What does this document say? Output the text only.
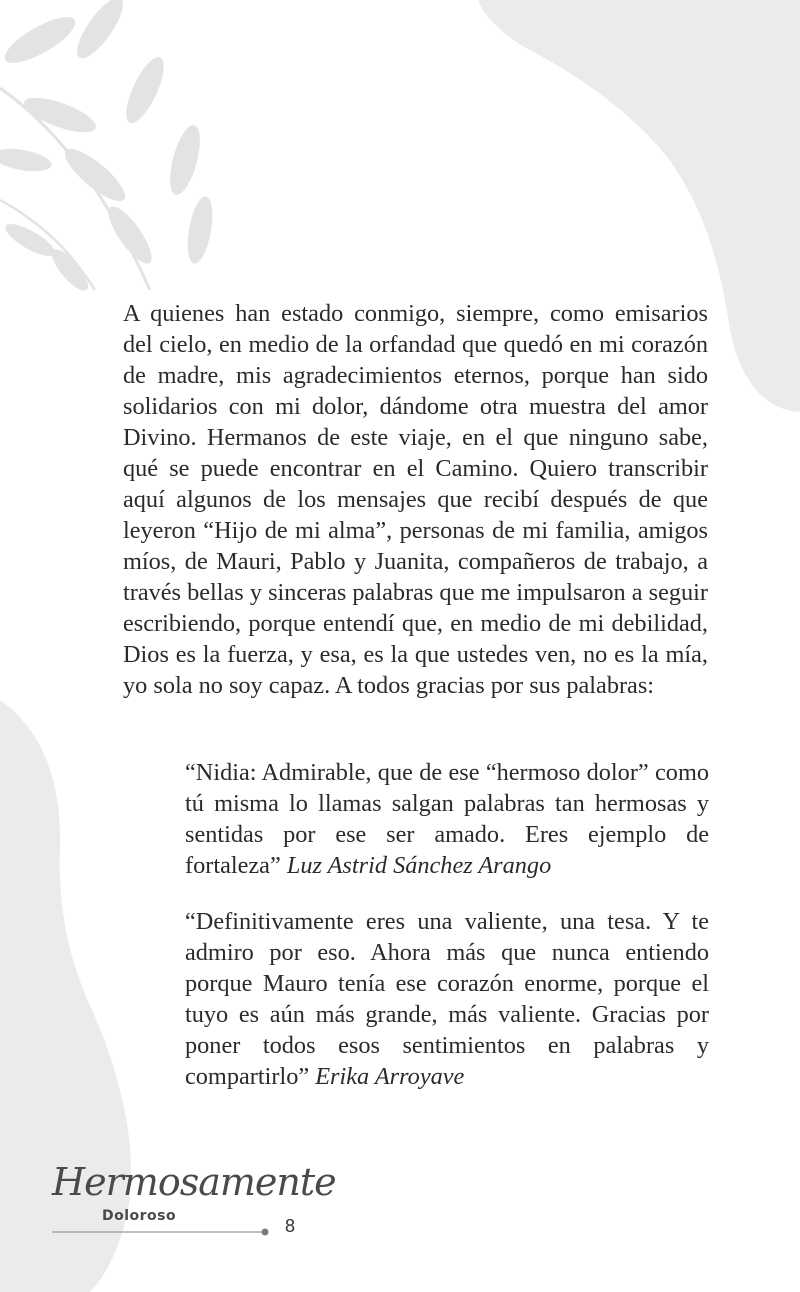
A quienes han estado conmigo, siempre, como emisarios del cielo, en medio de la orfandad que quedó en mi corazón de madre, mis agradecimientos eternos, porque han sido solidarios con mi dolor, dándome otra muestra del amor Divino. Hermanos de este viaje, en el que ninguno sabe, qué se puede encontrar en el Camino. Quiero transcribir aquí algunos de los mensajes que recibí después de que leyeron “Hijo de mi alma”, personas de mi familia, amigos míos, de Mauri, Pablo y Juanita, compañeros de trabajo, a través bellas y sinceras palabras que me impulsaron a seguir escribiendo, porque entendí que, en medio de mi debilidad, Dios es la fuerza, y esa, es la que ustedes ven, no es la mía, yo sola no soy capaz. A todos gracias por sus palabras:

“Nidia: Admirable, que de ese “hermoso dolor” como tú misma lo llamas salgan palabras tan hermosas y sentidas por ese ser amado. Eres ejemplo de fortaleza” Luz Astrid Sánchez Arango

“Definitivamente eres una valiente, una tesa. Y te admiro por eso. Ahora más que nunca entiendo porque Mauro tenía ese corazón enorme, porque el tuyo es aún más grande, más valiente. Gracias por poner todos esos sentimientos en palabras y compartirlo” Erika Arroyave

Hermosamente
Doloroso	8
